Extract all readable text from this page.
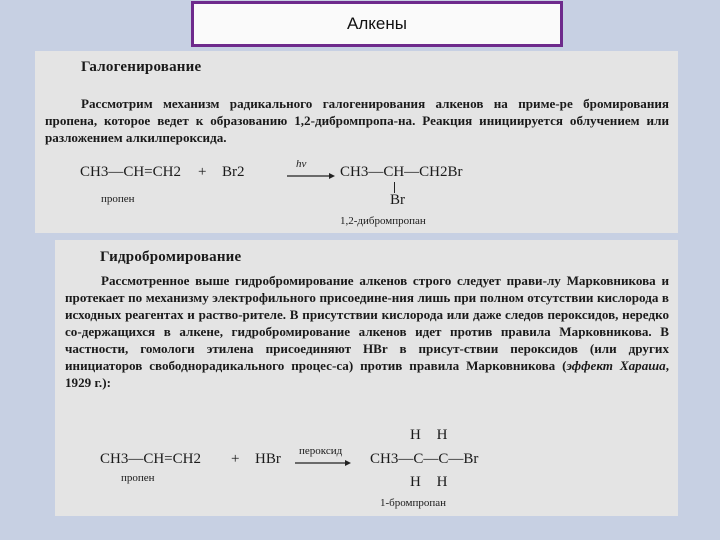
Алкены
Галогенирование

Рассмотрим механизм радикального галогенирования алкенов на приме-ре бромирования пропена, которое ведет к образованию 1,2-дибромпропа-на. Реакция инициируется облучением или разложением алкилпероксида.

CH3—CH=CH2 + Br2	hν → CH3—CH—CH2Br
Br
пропен
1,2-дибромпропан
Гидробромирование

Рассмотренное выше гидробромирование алкенов строго следует прави-лу Марковникова и протекает по механизму электрофильного присоедине-ния лишь при полном отсутствии кислорода в исходных реагентах и раство-рителе. В присутствии кислорода или даже следов пероксидов, нередко со-держащихся в алкене, гидробромирование алкенов идет против правила Марковникова. В частности, гомологи этилена присоединяют HBr в присут-ствии пероксидов (или других инициаторов свободнорадикального процес-са) против правила Марковникова (эффект Хараша, 1929 г.):

CH3—CH=CH2 + HBr пероксид
H H
CH3—C—C—Br
H H
пропен
1-бромпропан
